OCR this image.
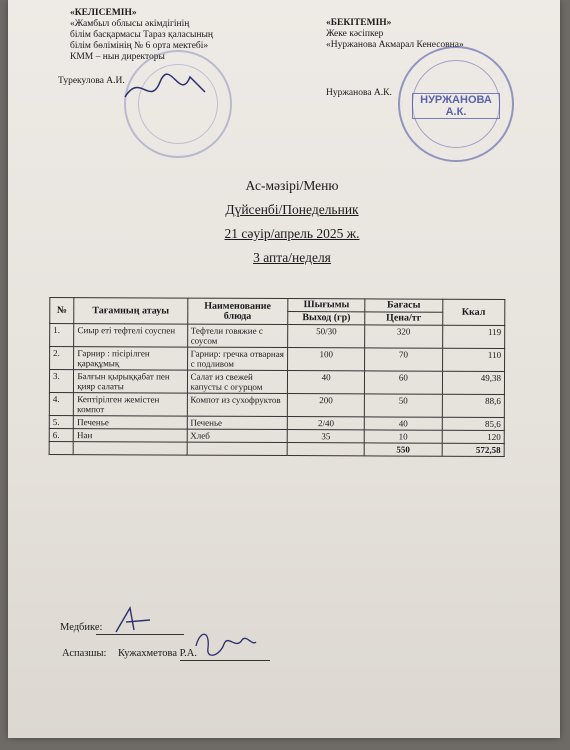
«КЕЛІСЕМІН»
«Жамбыл облысы әкімдігінің
білім басқармасы Тараз қаласының
білім бөлімінің № 6 орта мектебі»
КММ – нын директоры
Турекулова А.И.
«БЕКІТЕМІН»
Жеке кәсіпкер
«Нуржанова Акмарал Кенесовна»
Нуржанова А.К.
НУРЖАНОВА А.К.
Ас-мәзірі/Меню
Дүйсенбі/Понедельник
21 сәуір/апрель 2025 ж.
3 апта/неделя
№	Тағамның атауы	Наименование блюда	Шығымы	Бағасы	Ккал
			Выход (гр)	Цена/тг	
1.	Сиыр еті тефтелі соуспен	Тефтели говяжие с соусом	50/30	320	119
2.	Гарнир : пісірілген қарақұмық	Гарнир: гречка отварная с подливом	100	70	110
3.	Балғын қырыққабат пен қияр салаты	Салат из свежей капусты с огурцом	40	60	49,38
4.	Кептірілген жемістен компот	Компот из сухофруктов	200	50	88,6
5.	Печенье	Печенье	2/40	40	85,6
6.	Нан	Хлеб	35	10	120
				550	572,58
Медбике:
Аспазшы: Кужахметова Р.А.
